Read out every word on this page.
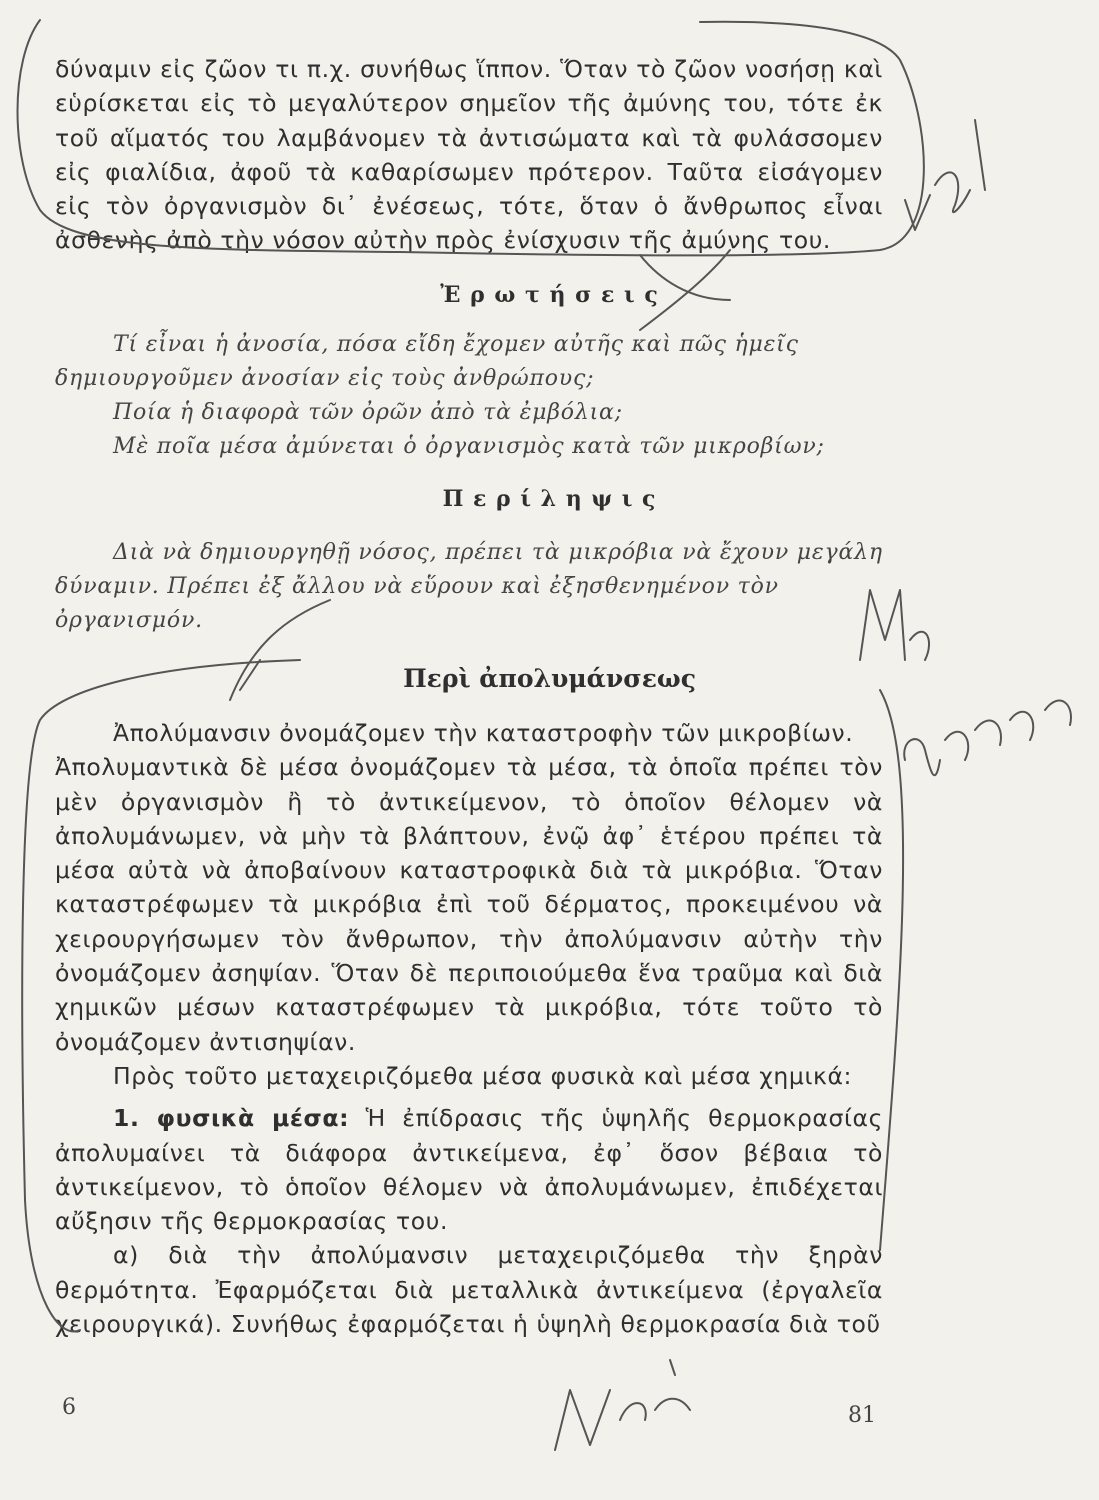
δύναμιν εἰς ζῶον τι π.χ. συνήθως ἵππον. Ὅταν τὸ ζῶον νοσήσῃ καὶ εὑρίσκεται εἰς τὸ μεγαλύτερον σημεῖον τῆς ἀμύνης του, τότε ἐκ τοῦ αἵματός του λαμβάνομεν τὰ ἀντισώματα καὶ τὰ φυλάσσομεν εἰς φιαλίδια, ἀφοῦ τὰ καθαρίσωμεν πρότερον. Ταῦτα εἰσάγομεν εἰς τὸν ὀργανισμὸν δι᾽ ἐνέσεως, τότε, ὅταν ὁ ἄνθρωπος εἶναι ἀσθενὴς ἀπὸ τὴν νόσον αὐτὴν πρὸς ἐνίσχυσιν τῆς ἀμύνης του.

Ἐ ρ ω τ ή σ ε ι ς

Τί εἶναι ἡ ἀνοσία, πόσα εἴδη ἔχομεν αὐτῆς καὶ πῶς ἡμεῖς δημιουργοῦμεν ἀνοσίαν εἰς τοὺς ἀνθρώπους;

Ποία ἡ διαφορὰ τῶν ὀρῶν ἀπὸ τὰ ἐμβόλια;

Μὲ ποῖα μέσα ἀμύνεται ὁ ὀργανισμὸς κατὰ τῶν μικροβίων;

Π ε ρ ί λ η ψ ι ς

Διὰ νὰ δημιουργηθῇ νόσος, πρέπει τὰ μικρόβια νὰ ἔχουν μεγάλη δύναμιν. Πρέπει ἐξ ἄλλου νὰ εὕρουν καὶ ἐξησθενημένον τὸν ὀργανισμόν.

Περὶ ἀπολυμάνσεως

Ἀπολύμανσιν ὀνομάζομεν τὴν καταστροφὴν τῶν μικροβίων.

Ἀπολυμαντικὰ δὲ μέσα ὀνομάζομεν τὰ μέσα, τὰ ὁποῖα πρέπει τὸν μὲν ὀργανισμὸν ἢ τὸ ἀντικείμενον, τὸ ὁποῖον θέλομεν νὰ ἀπολυμάνωμεν, νὰ μὴν τὰ βλάπτουν, ἐνῷ ἀφ᾽ ἑτέρου πρέπει τὰ μέσα αὐτὰ νὰ ἀποβαίνουν καταστροφικὰ διὰ τὰ μικρόβια. Ὅταν καταστρέφωμεν τὰ μικρόβια ἐπὶ τοῦ δέρματος, προκειμένου νὰ χειρουργήσωμεν τὸν ἄνθρωπον, τὴν ἀπολύμανσιν αὐτὴν τὴν ὀνομάζομεν ἀσηψίαν. Ὅταν δὲ περιποιούμεθα ἕνα τραῦμα καὶ διὰ χημικῶν μέσων καταστρέφωμεν τὰ μικρόβια, τότε τοῦτο τὸ ὀνομάζομεν ἀντισηψίαν.

Πρὸς τοῦτο μεταχειριζόμεθα μέσα φυσικὰ καὶ μέσα χημικά:

1. φυσικὰ μέσα: Ἡ ἐπίδρασις τῆς ὑψηλῆς θερμοκρασίας ἀπολυμαίνει τὰ διάφορα ἀντικείμενα, ἐφ᾽ ὅσον βέβαια τὸ ἀντικείμενον, τὸ ὁποῖον θέλομεν νὰ ἀπολυμάνωμεν, ἐπιδέχεται αὔξησιν τῆς θερμοκρασίας του.

α) διὰ τὴν ἀπολύμανσιν μεταχειριζόμεθα τὴν ξηρὰν θερμότητα. Ἐφαρμόζεται διὰ μεταλλικὰ ἀντικείμενα (ἐργαλεῖα χειρουργικά). Συνήθως ἐφαρμόζεται ἡ ὑψηλὴ θερμοκρασία διὰ τοῦ

6	81
